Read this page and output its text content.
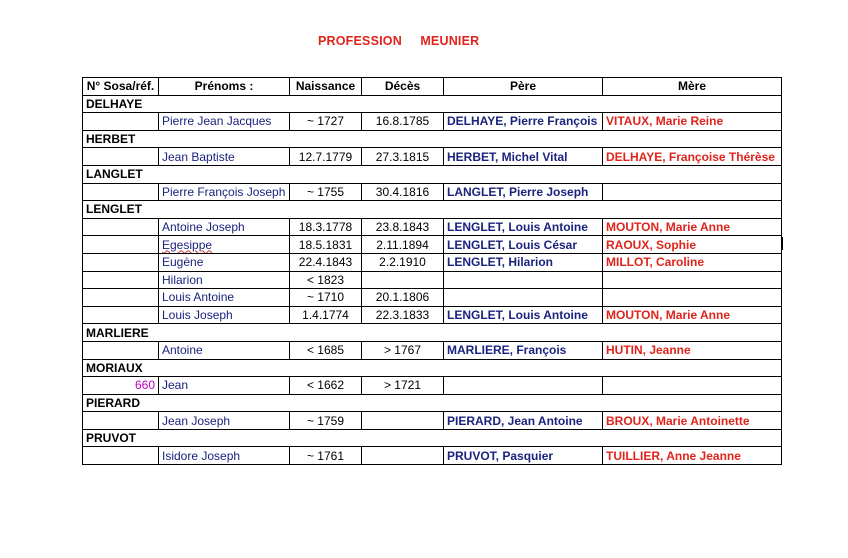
PROFESSION     MEUNIER
N° Sosa/réf.	Prénoms :	Naissance	Décès	Père	Mère
DELHAYE					
	Pierre Jean Jacques	~ 1727	16.8.1785	DELHAYE, Pierre François	VITAUX, Marie Reine
HERBET					
	Jean Baptiste	12.7.1779	27.3.1815	HERBET, Michel Vital	DELHAYE, Françoise Thérèse
LANGLET					
	Pierre François Joseph	~ 1755	30.4.1816	LANGLET, Pierre Joseph	
LENGLET					
	Antoine Joseph	18.3.1778	23.8.1843	LENGLET, Louis Antoine	MOUTON, Marie Anne
	Egesippe	18.5.1831	2.11.1894	LENGLET, Louis César	RAOUX, Sophie
	Eugène	22.4.1843	2.2.1910	LENGLET, Hilarion	MILLOT, Caroline
	Hilarion	< 1823			
	Louis Antoine	~ 1710	20.1.1806		
	Louis Joseph	1.4.1774	22.3.1833	LENGLET, Louis Antoine	MOUTON, Marie Anne
MARLIERE					
	Antoine	< 1685	> 1767	MARLIERE, François	HUTIN, Jeanne
MORIAUX					
660	Jean	< 1662	> 1721		
PIERARD					
	Jean Joseph	~ 1759		PIERARD, Jean Antoine	BROUX, Marie Antoinette
PRUVOT					
	Isidore Joseph	~ 1761		PRUVOT, Pasquier	TUILLIER, Anne Jeanne
